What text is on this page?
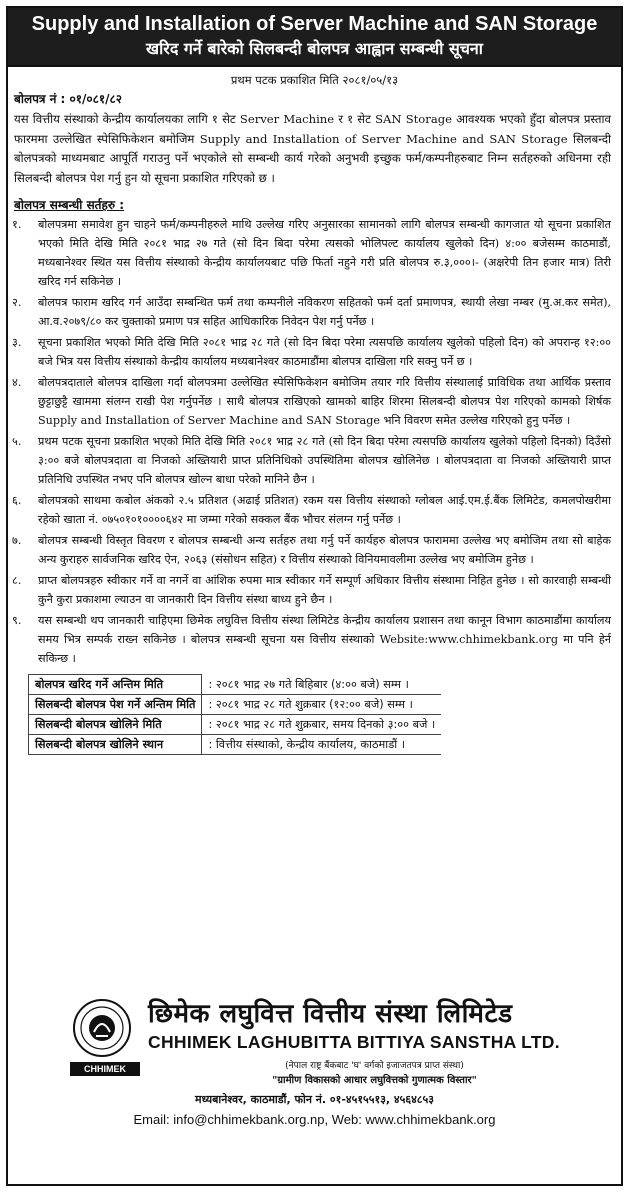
Supply and Installation of Server Machine and SAN Storage
खरिद गर्ने बारेको सिलबन्दी बोलपत्र आह्वान सम्बन्धी सूचना
प्रथम पटक प्रकाशित मिति २०८१/०५/१३
बोलपत्र नं : ०१/०८१/८२
यस वित्तीय संस्थाको केन्द्रीय कार्यालयका लागि १ सेट Server Machine र १ सेट SAN Storage आवश्यक भएको हुँदा बोलपत्र प्रस्ताव फारममा उल्लेखित स्पेसिफिकेशन बमोजिम Supply and Installation of Server Machine and SAN Storage सिलबन्दी बोलपत्रको माध्यमबाट आपूर्ति गराउनु पर्ने भएकोले सो सम्बन्धी कार्य गरेको अनुभवी इच्छुक फर्म/कम्पनीहरुबाट निम्न सर्तहरुको अधिनमा रही सिलबन्दी बोलपत्र पेश गर्नु हुन यो सूचना प्रकाशित गरिएको छ ।
बोलपत्र सम्बन्धी सर्तहरु :
१.	बोलपत्रमा समावेश हुन चाहने फर्म/कम्पनीहरुले माथि उल्लेख गरिए अनुसारका सामानको लागि बोलपत्र सम्बन्धी कागजात यो सूचना प्रकाशित भएको मिति देखि मिति २०८१ भाद्र २७ गते (सो दिन बिदा परेमा त्यसको भोलिपल्ट कार्यालय खुलेको दिन) ४:०० बजेसम्म काठमाडौं, मध्यबानेश्वर स्थित यस वित्तीय संस्थाको केन्द्रीय कार्यालयबाट पछि फिर्ता नहुने गरी प्रति बोलपत्र रु.३,०००।- (अक्षरेपी तिन हजार मात्र) तिरी खरिद गर्न सकिनेछ ।
२.	बोलपत्र फाराम खरिद गर्न आउँदा सम्बन्धित फर्म तथा कम्पनीले नविकरण सहितको फर्म दर्ता प्रमाणपत्र, स्थायी लेखा नम्बर (मु.अ.कर समेत), आ.व.२०७९/८० कर चुक्ताको प्रमाण पत्र सहित आधिकारिक निवेदन पेश गर्नु पर्नेछ ।
३.	सूचना प्रकाशित भएको मिति देखि मिति २०८१ भाद्र २८ गते (सो दिन बिदा परेमा त्यसपछि कार्यालय खुलेको पहिलो दिन) को अपरान्ह १२:०० बजे भित्र यस वित्तीय संस्थाको केन्द्रीय कार्यालय मध्यबानेश्वर काठमाडौंमा बोलपत्र दाखिला गरि सक्नु पर्ने छ ।
४.	बोलपत्रदाताले बोलपत्र दाखिला गर्दा बोलपत्रमा उल्लेखित स्पेसिफिकेशन बमोजिम तयार गरि वित्तीय संस्थालाई प्राविधिक तथा आर्थिक प्रस्ताव छुट्टाछुट्टै खाममा संलग्न राखी पेश गर्नुपर्नेछ । साथै बोलपत्र राखिएको खामको बाहिर शिरमा सिलबन्दी बोलपत्र पेश गरिएको कामको शिर्षक Supply and Installation of Server Machine and SAN Storage भनि विवरण समेत उल्लेख गरिएको हुनु पर्नेछ ।
५.	प्रथम पटक सूचना प्रकाशित भएको मिति देखि मिति २०८१ भाद्र २८ गते (सो दिन बिदा परेमा त्यसपछि कार्यालय खुलेको पहिलो दिनको) दिउँसो ३:०० बजे बोलपत्रदाता वा निजको अख्तियारी प्राप्त प्रतिनिधिको उपस्थितिमा बोलपत्र खोलिनेछ । बोलपत्रदाता वा निजको अख्तियारी प्राप्त प्रतिनिधि उपस्थित नभए पनि बोलपत्र खोल्न बाधा परेको मानिने छैन ।
६.	बोलपत्रको साथमा कबोल अंकको २.५ प्रतिशत (अढाई प्रतिशत) रकम यस वित्तीय संस्थाको ग्लोबल आई.एम.ई.बैंक लिमिटेड, कमलपोखरीमा रहेको खाता नं. ०७५०१०१००००६४२ मा जम्मा गरेको सक्कल बैंक भौचर संलग्न गर्नु पर्नेछ ।
७.	बोलपत्र सम्बन्धी विस्तृत विवरण र बोलपत्र सम्बन्धी अन्य सर्तहरु तथा गर्नु पर्ने कार्यहरु बोलपत्र फाराममा उल्लेख भए बमोजिम तथा सो बाहेक अन्य कुराहरु सार्वजनिक खरिद ऐन, २०६३ (संसोधन सहित) र वित्तीय संस्थाको विनियमावलीमा उल्लेख भए बमोजिम हुनेछ ।
८.	प्राप्त बोलपत्रहरु स्वीकार गर्ने वा नगर्ने वा आंशिक रुपमा मात्र स्वीकार गर्ने सम्पूर्ण अधिकार वित्तीय संस्थामा निहित हुनेछ । सो कारवाही सम्बन्धी कुनै कुरा प्रकाशमा ल्याउन वा जानकारी दिन वित्तीय संस्था बाध्य हुने छैन ।
९.	यस सम्बन्धी थप जानकारी चाहिएमा छिमेक लघुवित्त वित्तीय संस्था लिमिटेड केन्द्रीय कार्यालय प्रशासन तथा कानून विभाग काठमाडौंमा कार्यालय समय भित्र सम्पर्क राख्न सकिनेछ । बोलपत्र सम्बन्धी सूचना यस वित्तीय संस्थाको Website:www.chhimekbank.org मा पनि हेर्न सकिन्छ ।
बोलपत्र खरिद गर्ने अन्तिम मिति	: २०८१ भाद्र २७ गते बिहिबार (४:०० बजे) सम्म ।
सिलबन्दी बोलपत्र पेश गर्ने अन्तिम मिति	: २०८१ भाद्र २८ गते शुक्रबार (१२:०० बजे) सम्म ।
सिलबन्दी बोलपत्र खोलिने मिति	: २०८१ भाद्र २८ गते शुक्रबार, समय दिनको ३:०० बजे ।
सिलबन्दी बोलपत्र खोलिने स्थान	: वित्तीय संस्थाको, केन्द्रीय कार्यालय, काठमाडौं ।
CHHIMEK
छिमेक लघुवित्त वित्तीय संस्था लिमिटेड
CHHIMEK LAGHUBITTA BITTIYA SANSTHA LTD.
(नेपाल राष्ट्र बैंकबाट 'घ' वर्गको इजाजतपत्र प्राप्त संस्था)
"ग्रामीण विकासको आधार लघुवित्तको गुणात्मक विस्तार"
मध्यबानेश्वर, काठमाडौं, फोन नं. ०१-४५१५५१३, ४५६४८५३
Email: info@chhimekbank.org.np, Web: www.chhimekbank.org
